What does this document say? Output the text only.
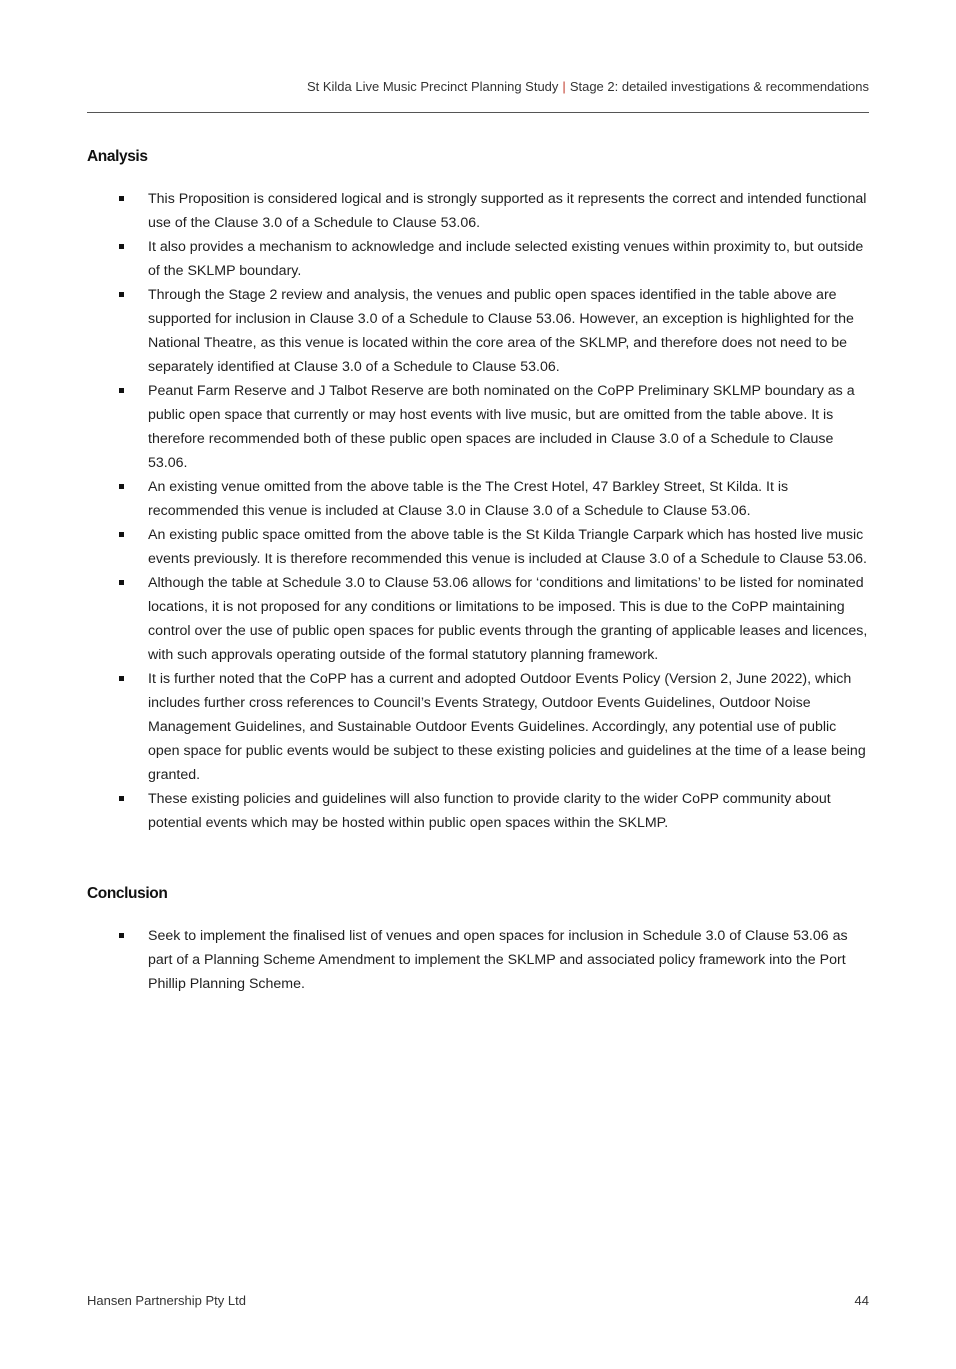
St Kilda Live Music Precinct Planning Study | Stage 2: detailed investigations & recommendations
Analysis
This Proposition is considered logical and is strongly supported as it represents the correct and intended functional use of the Clause 3.0 of a Schedule to Clause 53.06.
It also provides a mechanism to acknowledge and include selected existing venues within proximity to, but outside of the SKLMP boundary.
Through the Stage 2 review and analysis, the venues and public open spaces identified in the table above are supported for inclusion in Clause 3.0 of a Schedule to Clause 53.06. However, an exception is highlighted for the National Theatre, as this venue is located within the core area of the SKLMP, and therefore does not need to be separately identified at Clause 3.0 of a Schedule to Clause 53.06.
Peanut Farm Reserve and J Talbot Reserve are both nominated on the CoPP Preliminary SKLMP boundary as a public open space that currently or may host events with live music, but are omitted from the table above. It is therefore recommended both of these public open spaces are included in Clause 3.0 of a Schedule to Clause 53.06.
An existing venue omitted from the above table is the The Crest Hotel, 47 Barkley Street, St Kilda. It is recommended this venue is included at Clause 3.0 in Clause 3.0 of a Schedule to Clause 53.06.
An existing public space omitted from the above table is the St Kilda Triangle Carpark which has hosted live music events previously. It is therefore recommended this venue is included at Clause 3.0 of a Schedule to Clause 53.06.
Although the table at Schedule 3.0 to Clause 53.06 allows for ‘conditions and limitations’ to be listed for nominated locations, it is not proposed for any conditions or limitations to be imposed. This is due to the CoPP maintaining control over the use of public open spaces for public events through the granting of applicable leases and licences, with such approvals operating outside of the formal statutory planning framework.
It is further noted that the CoPP has a current and adopted Outdoor Events Policy (Version 2, June 2022), which includes further cross references to Council’s Events Strategy, Outdoor Events Guidelines, Outdoor Noise Management Guidelines, and Sustainable Outdoor Events Guidelines. Accordingly, any potential use of public open space for public events would be subject to these existing policies and guidelines at the time of a lease being granted.
These existing policies and guidelines will also function to provide clarity to the wider CoPP community about potential events which may be hosted within public open spaces within the SKLMP.
Conclusion
Seek to implement the finalised list of venues and open spaces for inclusion in Schedule 3.0 of Clause 53.06 as part of a Planning Scheme Amendment to implement the SKLMP and associated policy framework into the Port Phillip Planning Scheme.
Hansen Partnership Pty Ltd	44
